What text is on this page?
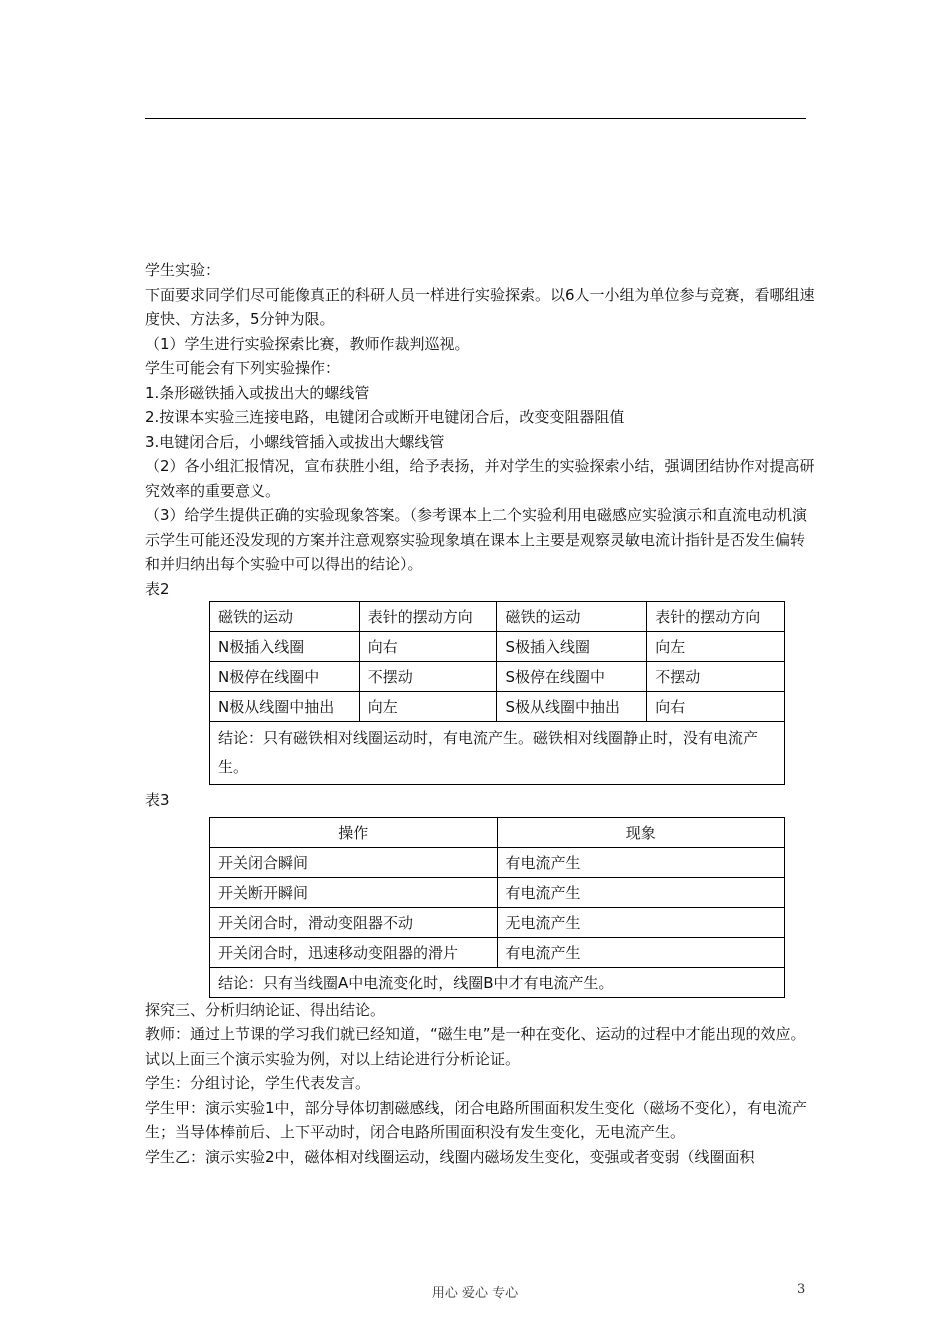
学生实验：

下面要求同学们尽可能像真正的科研人员一样进行实验探索。以6人一小组为单位参与竞赛，看哪组速度快、方法多，5分钟为限。

（1）学生进行实验探索比赛，教师作裁判巡视。

学生可能会有下列实验操作：

1.条形磁铁插入或拔出大的螺线管

2.按课本实验三连接电路，电键闭合或断开电键闭合后，改变变阻器阻值

3.电键闭合后，小螺线管插入或拔出大螺线管

（2）各小组汇报情况，宣布获胜小组，给予表扬，并对学生的实验探索小结，强调团结协作对提高研究效率的重要意义。

（3）给学生提供正确的实验现象答案。（参考课本上二个实验利用电磁感应实验演示和直流电动机演示学生可能还没发现的方案并注意观察实验现象填在课本上主要是观察灵敏电流计指针是否发生偏转和并归纳出每个实验中可以得出的结论）。

表2

磁铁的运动	表针的摆动方向	磁铁的运动	表针的摆动方向
N极插入线圈	向右	S极插入线圈	向左
N极停在线圈中	不摆动	S极停在线圈中	不摆动
N极从线圈中抽出	向左	S极从线圈中抽出	向右
结论：只有磁铁相对线圈运动时，有电流产生。磁铁相对线圈静止时，没有电流产生。			

表3

操作	现象
开关闭合瞬间	有电流产生
开关断开瞬间	有电流产生
开关闭合时，滑动变阻器不动	无电流产生
开关闭合时，迅速移动变阻器的滑片	有电流产生
结论：只有当线圈A中电流变化时，线圈B中才有电流产生。	

探究三、分析归纳论证、得出结论。

教师：通过上节课的学习我们就已经知道，“磁生电”是一种在变化、运动的过程中才能出现的效应。试以上面三个演示实验为例，对以上结论进行分析论证。

学生：分组讨论，学生代表发言。

学生甲：演示实验1中，部分导体切割磁感线，闭合电路所围面积发生变化（磁场不变化），有电流产生；当导体棒前后、上下平动时，闭合电路所围面积没有发生变化，无电流产生。

学生乙：演示实验2中，磁体相对线圈运动，线圈内磁场发生变化，变强或者变弱（线圈面积

用心 爱心 专心	3
